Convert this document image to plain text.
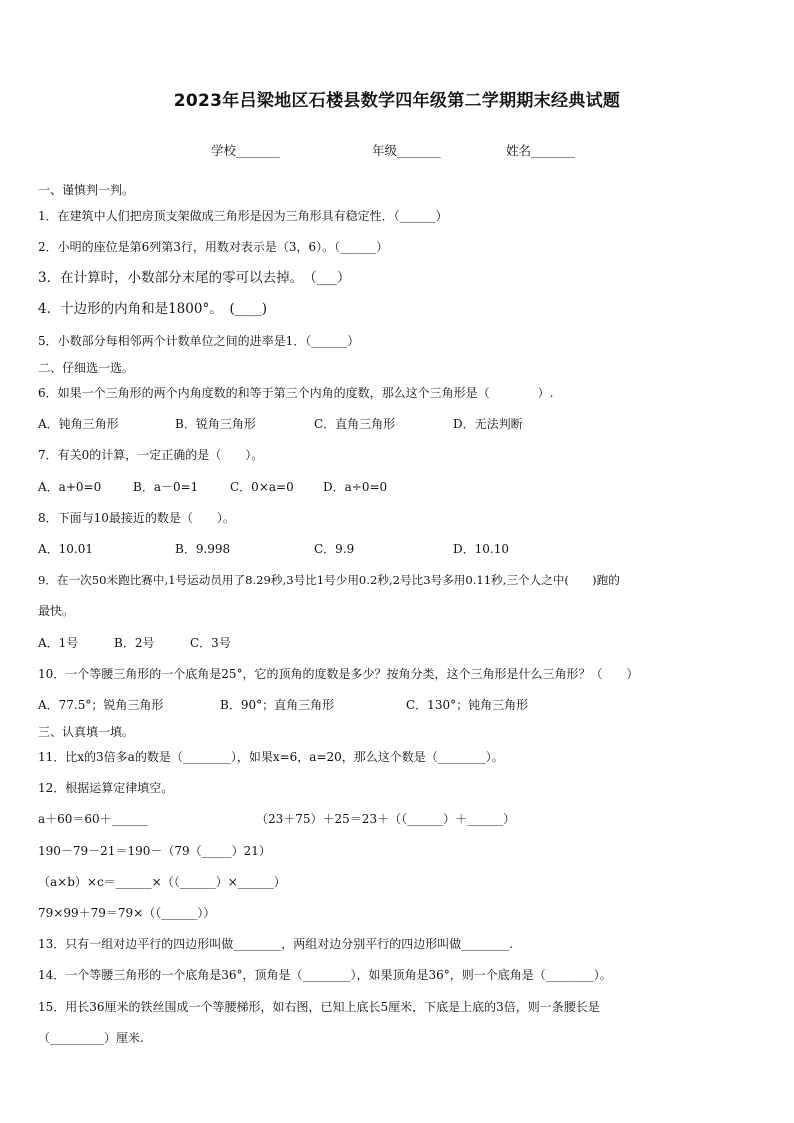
2023年吕梁地区石楼县数学四年级第二学期期末经典试题
学校_______	年级_______	姓名_______
一、谨慎判一判。
1．在建筑中人们把房顶支架做成三角形是因为三角形具有稳定性．（______）
2．小明的座位是第6列第3行，用数对表示是（3，6）。（______）
3．在计算时，小数部分末尾的零可以去掉。　（___）
4．十边形的内角和是1800°。　(____)
5．小数部分每相邻两个计数单位之间的进率是1．（______）
二、仔细选一选。
6．如果一个三角形的两个内角度数的和等于第三个内角的度数，那么这个三角形是（　　　　）.
A．钝角三角形	B．锐角三角形	C．直角三角形	D．无法判断
7．有关0的计算，一定正确的是（　　）。
A．a+0=0	B．a－0=1	C．0×a=0 D．a÷0=0
8．下面与10最接近的数是（　　）。
A．10.01	B．9.998	C．9.9	D．10.10
9．在一次50米跑比赛中,1号运动员用了8.29秒,3号比1号少用0.2秒,2号比3号多用0.11秒,三个人之中(　　)跑的
最快。
A．1号	B．2号	C．3号
10．一个等腰三角形的一个底角是25°，它的顶角的度数是多少？按角分类，这个三角形是什么三角形？（　　）
A．77.5°；锐角三角形	B．90°；直角三角形	C．130°；钝角三角形
三、认真填一填。
11．比x的3倍多a的数是（________），如果x=6，a=20，那么这个数是（________）。
12．根据运算定律填空。
a＋60＝60＋______	（23＋75）＋25＝23＋（（______）＋______）
190－79－21＝190－（79（_____）21）
（a×b）×c＝______×（（______）×______）
79×99＋79＝79×（（______））
13．只有一组对边平行的四边形叫做________，两组对边分别平行的四边形叫做________.
14．一个等腰三角形的一个底角是36°，顶角是（________），如果顶角是36°，则一个底角是（________）。
15．用长36厘米的铁丝围成一个等腰梯形，如右图，已知上底长5厘米，下底是上底的3倍，则一条腰长是
（_________）厘米.
